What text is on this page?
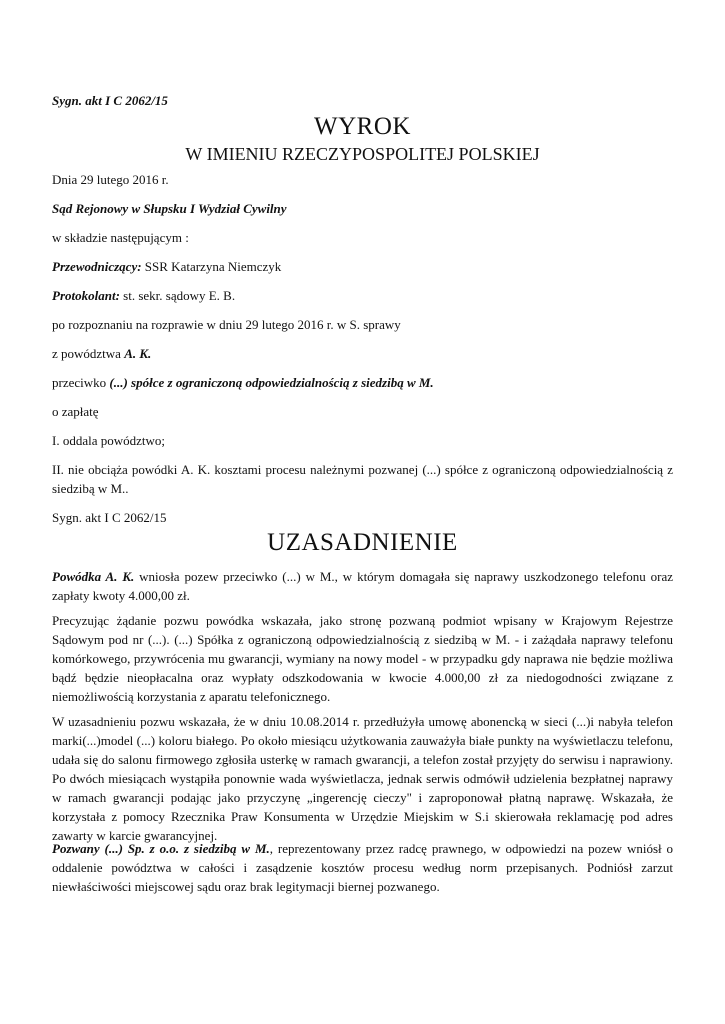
Sygn. akt I C 2062/15
WYROK
W IMIENIU RZECZYPOSPOLITEJ POLSKIEJ
Dnia 29 lutego 2016 r.
Sąd Rejonowy w Słupsku I Wydział Cywilny
w składzie następującym :
Przewodniczący: SSR Katarzyna Niemczyk
Protokolant: st. sekr. sądowy E. B.
po rozpoznaniu na rozprawie w dniu 29 lutego 2016 r. w S. sprawy
z powództwa A. K.
przeciwko (...) spółce z ograniczoną odpowiedzialnością z siedzibą w M.
o zapłatę
I. oddala powództwo;
II. nie obciąża powódki A. K. kosztami procesu należnymi pozwanej (...) spółce z ograniczoną odpowiedzialnością z siedzibą w M..
Sygn. akt I C 2062/15
UZASADNIENIE
Powódka A. K. wniosła pozew przeciwko (...) w M., w którym domagała się naprawy uszkodzonego telefonu oraz zapłaty kwoty 4.000,00 zł.
Precyzując żądanie pozwu powódka wskazała, jako stronę pozwaną podmiot wpisany w Krajowym Rejestrze Sądowym pod nr (...). (...) Spółka z ograniczoną odpowiedzialnością z siedzibą w M. - i zażądała naprawy telefonu komórkowego, przywrócenia mu gwarancji, wymiany na nowy model - w przypadku gdy naprawa nie będzie możliwa bądź będzie nieopłacalna oraz wypłaty odszkodowania w kwocie 4.000,00 zł za niedogodności związane z niemożliwością korzystania z aparatu telefonicznego.
W uzasadnieniu pozwu wskazała, że w dniu 10.08.2014 r. przedłużyła umowę abonencką w sieci (...)i nabyła telefon marki(...)model (...) koloru białego. Po około miesiącu użytkowania zauważyła białe punkty na wyświetlaczu telefonu, udała się do salonu firmowego zgłosiła usterkę w ramach gwarancji, a telefon został przyjęty do serwisu i naprawiony. Po dwóch miesiącach wystąpiła ponownie wada wyświetlacza, jednak serwis odmówił udzielenia bezpłatnej naprawy w ramach gwarancji podając jako przyczynę „ingerencję cieczy" i zaproponował płatną naprawę. Wskazała, że korzystała z pomocy Rzecznika Praw Konsumenta w Urzędzie Miejskim w S.i skierowała reklamację pod adres zawarty w karcie gwarancyjnej.
Pozwany (...) Sp. z o.o. z siedzibą w M., reprezentowany przez radcę prawnego, w odpowiedzi na pozew wniósł o oddalenie powództwa w całości i zasądzenie kosztów procesu według norm przepisanych. Podniósł zarzut niewłaściwości miejscowej sądu oraz brak legitymacji biernej pozwanego.
